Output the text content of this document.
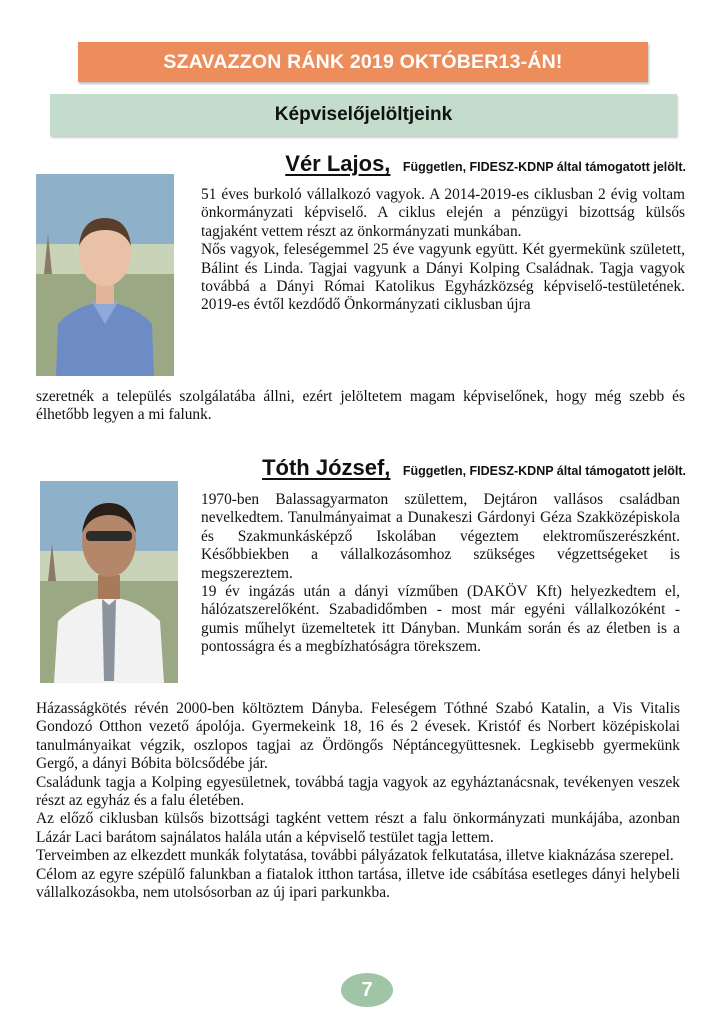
SZAVAZZON RÁNK 2019 OKTÓBER13-ÁN!
Képviselőjelöltjeink
Vér Lajos, Független, FIDESZ-KDNP által támogatott jelölt.

51 éves burkoló vállalkozó vagyok. A 2014-2019-es ciklusban 2 évig voltam önkormányzati képviselő. A ciklus elején a pénzügyi bizottság külsős tagjaként vettem részt az önkormányzati munkában.

Nős vagyok, feleségemmel 25 éve vagyunk együtt. Két gyermekünk született, Bálint és Linda. Tagjai vagyunk a Dányi Kolping Családnak. Tagja vagyok továbbá a Dányi Római Katolikus Egyházközség képviselő-testületének. 2019-es évtől kezdődő Önkormányzati ciklusban újra

szeretnék a település szolgálatába állni, ezért jelöltetem magam képviselőnek, hogy még szebb és élhetőbb legyen a mi falunk.

Tóth József, Független, FIDESZ-KDNP által támogatott jelölt.

1970-ben Balassagyarmaton születtem, Dejtáron vallásos családban nevelkedtem. Tanulmányaimat a Dunakeszi Gárdonyi Géza Szakközépiskola és Szakmunkásképző Iskolában végeztem elektroműszerészként. Későbbiekben a vállalkozásomhoz szükséges végzettségeket is megszereztem.

19 év ingázás után a dányi vízműben (DAKÖV Kft) helyezkedtem el, hálózatszerelőként. Szabadidőmben - most már egyéni vállalkozóként - gumis műhelyt üzemeltetek itt Dányban. Munkám során és az életben is a pontosságra és a megbízhatóságra törekszem.

Házasságkötés révén 2000-ben költöztem Dányba. Feleségem Tóthné Szabó Katalin, a Vis Vitalis Gondozó Otthon vezető ápolója. Gyermekeink 18, 16 és 2 évesek. Kristóf és Norbert középiskolai tanulmányaikat végzik, oszlopos tagjai az Ördöngős Néptáncegyüttesnek. Legkisebb gyermekünk Gergő, a dányi Bóbita bölcsődébe jár.

Családunk tagja a Kolping egyesületnek, továbbá tagja vagyok az egyháztanácsnak, tevékenyen veszek részt az egyház és a falu életében.

Az előző ciklusban külsős bizottsági tagként vettem részt a falu önkormányzati munkájába, azonban Lázár Laci barátom sajnálatos halála után a képviselő testület tagja lettem.

Terveimben az elkezdett munkák folytatása, további pályázatok felkutatása, illetve kiaknázása szerepel.

Célom az egyre szépülő falunkban a fiatalok itthon tartása, illetve ide csábítása esetleges dányi helybeli vállalkozásokba, nem utolsósorban az új ipari parkunkba.

7
